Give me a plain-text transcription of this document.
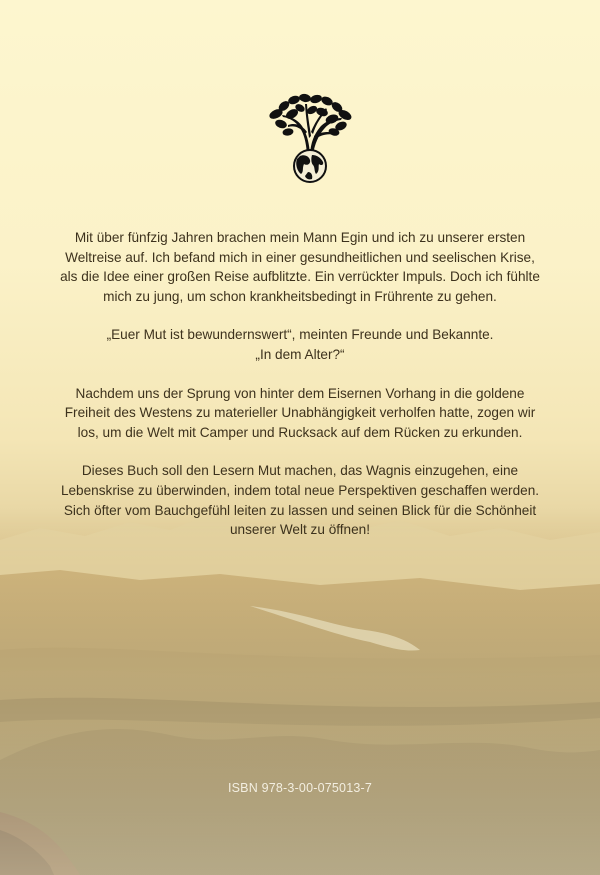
Mit über fünfzig Jahren brachen mein Mann Egin und ich zu unserer ersten Weltreise auf. Ich befand mich in einer gesundheitlichen und seelischen Krise, als die Idee einer großen Reise aufblitzte. Ein verrückter Impuls. Doch ich fühlte mich zu jung, um schon krankheitsbedingt in Frührente zu gehen.

„Euer Mut ist bewundernswert“, meinten Freunde und Bekannte.
„In dem Alter?“

Nachdem uns der Sprung von hinter dem Eisernen Vorhang in die goldene Freiheit des Westens zu materieller Unabhängigkeit verholfen hatte, zogen wir los, um die Welt mit Camper und Rucksack auf dem Rücken zu erkunden.

Dieses Buch soll den Lesern Mut machen, das Wagnis einzugehen, eine Lebenskrise zu überwinden, indem total neue Perspektiven geschaffen werden. Sich öfter vom Bauchgefühl leiten zu lassen und seinen Blick für die Schönheit unserer Welt zu öffnen!

ISBN 978-3-00-075013-7
